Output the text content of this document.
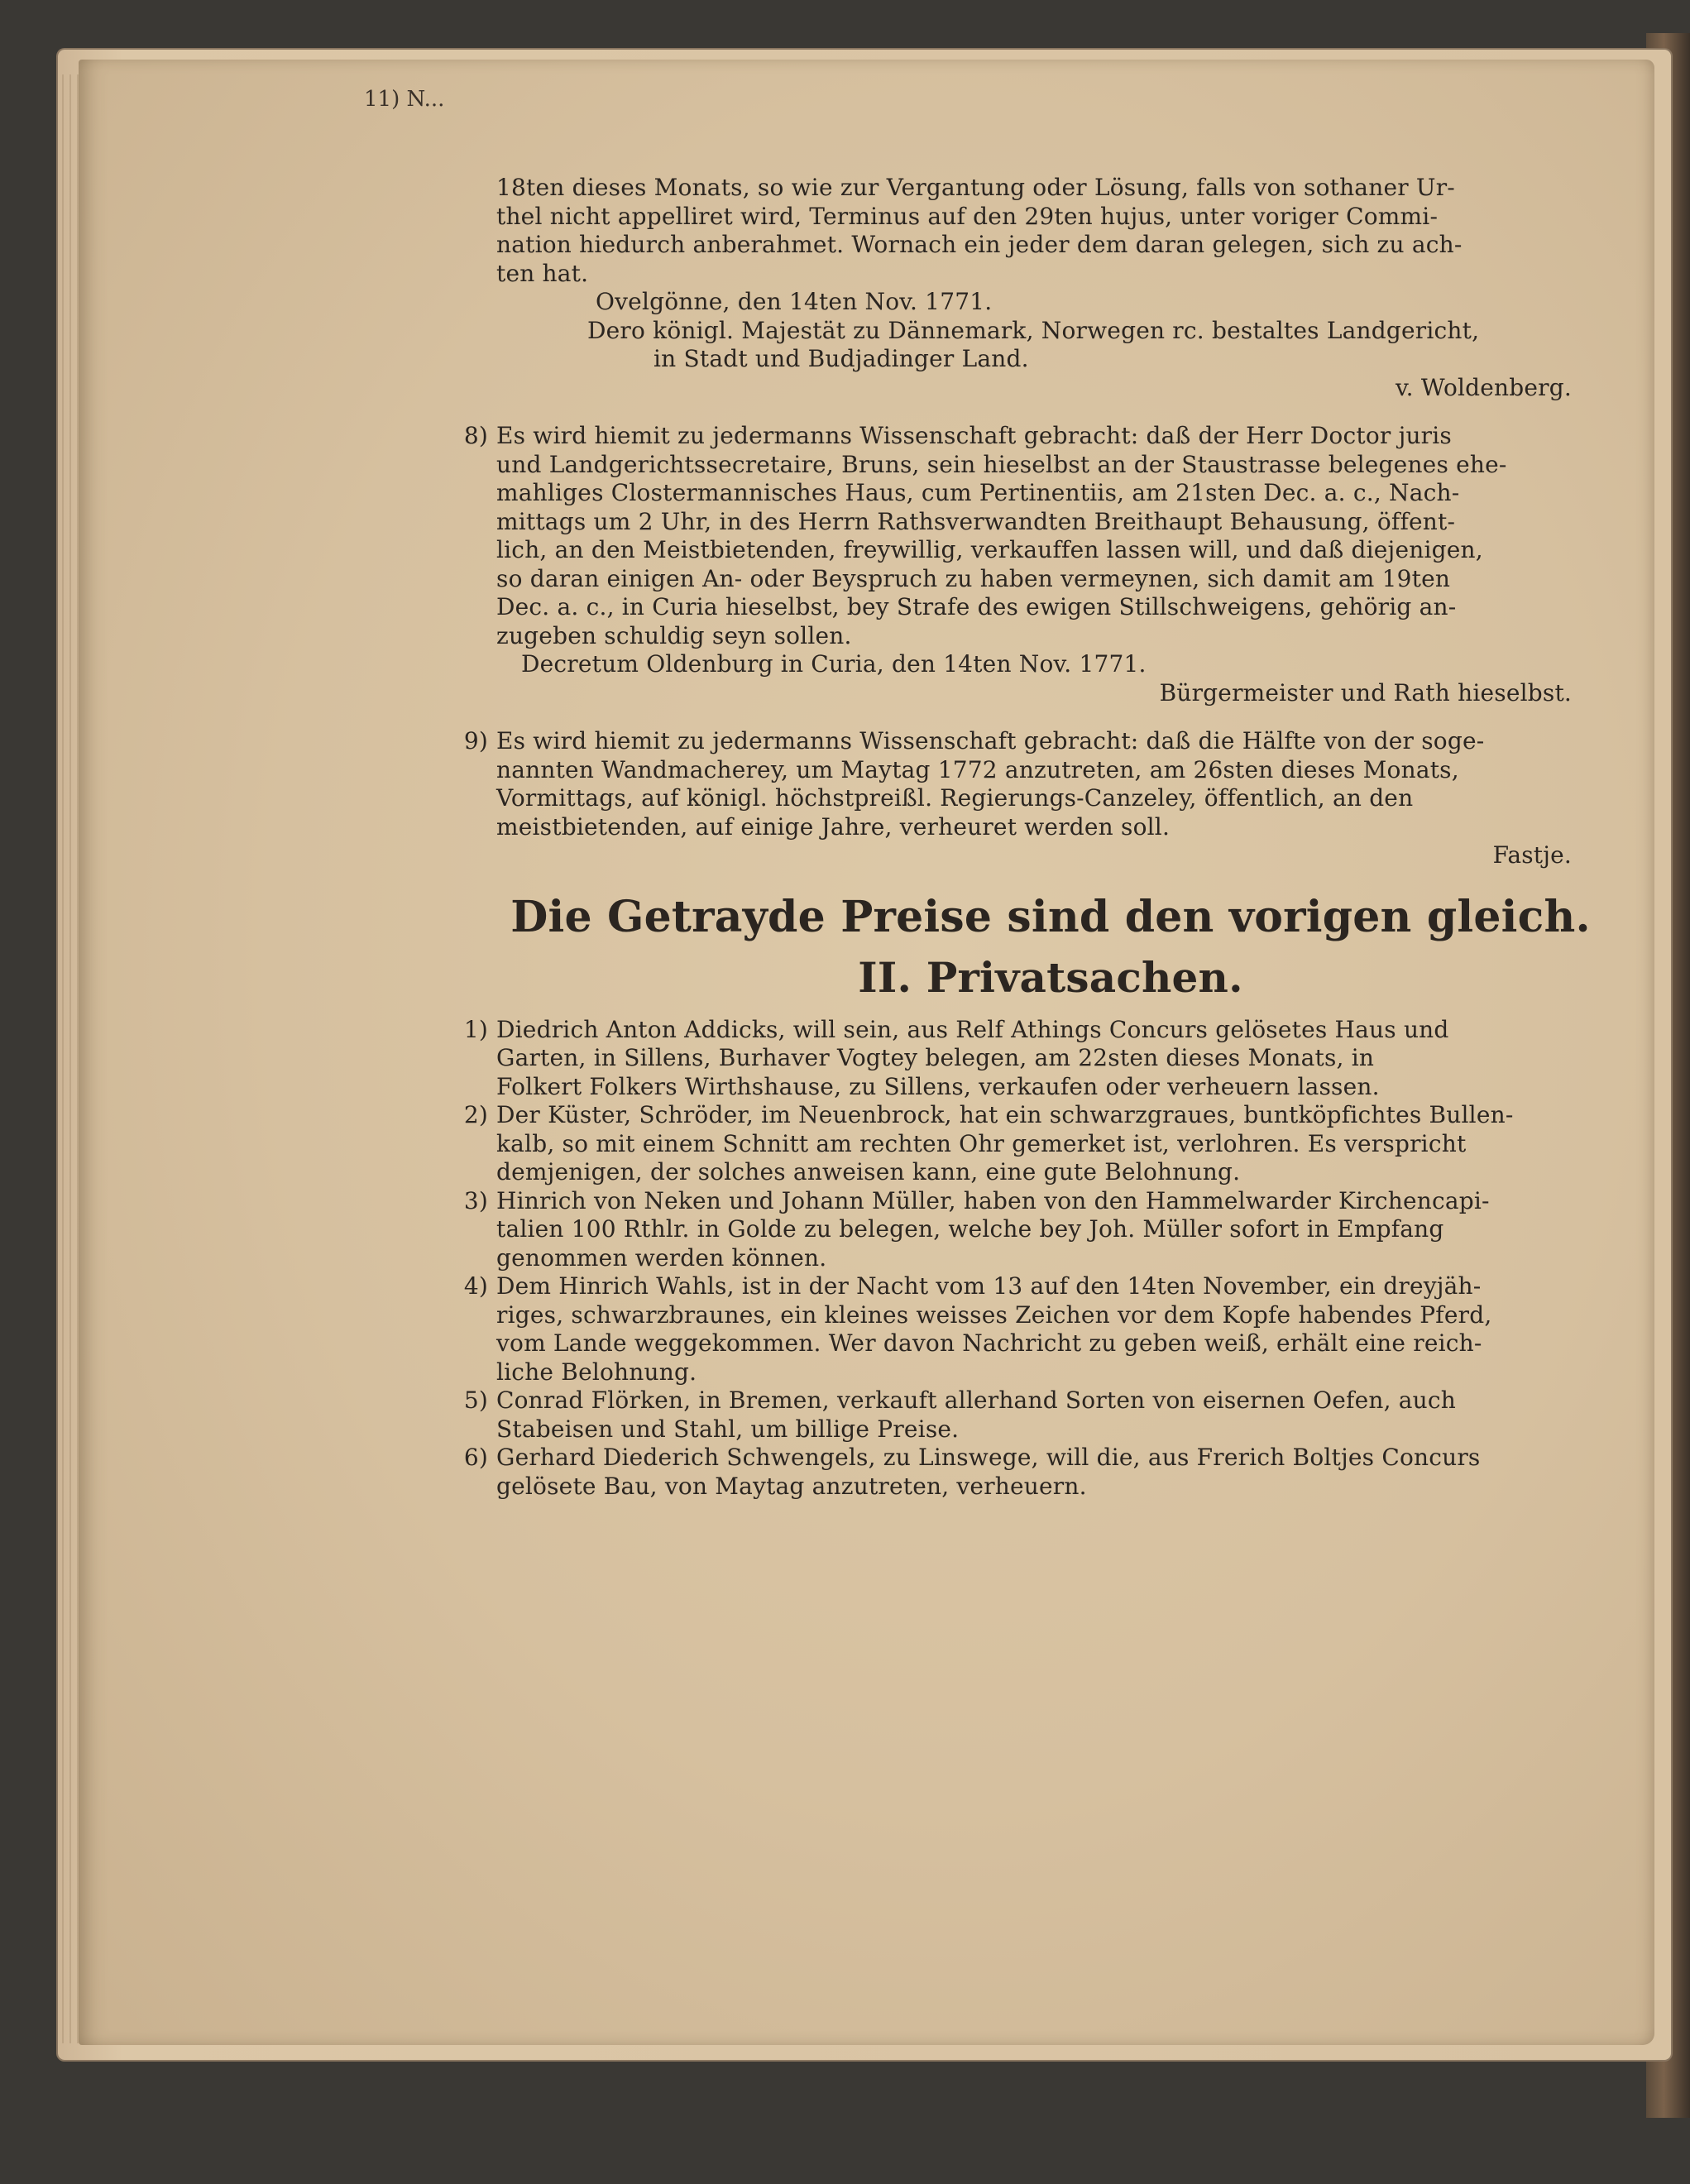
11) N...
18ten dieses Monats, so wie zur Vergantung oder Lösung, falls von sothaner Ur-
thel nicht appelliret wird, Terminus auf den 29ten hujus, unter voriger Commi-
nation hiedurch anberahmet. Wornach ein jeder dem daran gelegen, sich zu ach-
ten hat.
Ovelgönne, den 14ten Nov. 1771.
Dero königl. Majestät zu Dännemark, Norwegen rc. bestaltes Landgericht,
in Stadt und Budjadinger Land.
v. Woldenberg.
8) Es wird hiemit zu jedermanns Wissenschaft gebracht: daß der Herr Doctor juris
und Landgerichtssecretaire, Bruns, sein hieselbst an der Staustrasse belegenes ehe-
mahliges Clostermannisches Haus, cum Pertinentiis, am 21sten Dec. a. c., Nach-
mittags um 2 Uhr, in des Herrn Rathsverwandten Breithaupt Behausung, öffent-
lich, an den Meistbietenden, freywillig, verkauffen lassen will, und daß diejenigen,
so daran einigen An- oder Beyspruch zu haben vermeynen, sich damit am 19ten
Dec. a. c., in Curia hieselbst, bey Strafe des ewigen Stillschweigens, gehörig an-
zugeben schuldig seyn sollen.
Decretum Oldenburg in Curia, den 14ten Nov. 1771.
Bürgermeister und Rath hieselbst.
9) Es wird hiemit zu jedermanns Wissenschaft gebracht: daß die Hälfte von der soge-
nannten Wandmacherey, um Maytag 1772 anzutreten, am 26sten dieses Monats,
Vormittags, auf königl. höchstpreißl. Regierungs-Canzeley, öffentlich, an den
meistbietenden, auf einige Jahre, verheuret werden soll.
Fastje.
Die Getrayde Preise sind den vorigen gleich.
II. Privatsachen.
1) Diedrich Anton Addicks, will sein, aus Relf Athings Concurs gelösetes Haus und
Garten, in Sillens, Burhaver Vogtey belegen, am 22sten dieses Monats, in
Folkert Folkers Wirthshause, zu Sillens, verkaufen oder verheuern lassen.
2) Der Küster, Schröder, im Neuenbrock, hat ein schwarzgraues, buntköpfichtes Bullen-
kalb, so mit einem Schnitt am rechten Ohr gemerket ist, verlohren. Es verspricht
demjenigen, der solches anweisen kann, eine gute Belohnung.
3) Hinrich von Neken und Johann Müller, haben von den Hammelwarder Kirchencapi-
talien 100 Rthlr. in Golde zu belegen, welche bey Joh. Müller sofort in Empfang
genommen werden können.
4) Dem Hinrich Wahls, ist in der Nacht vom 13 auf den 14ten November, ein dreyjäh-
riges, schwarzbraunes, ein kleines weisses Zeichen vor dem Kopfe habendes Pferd,
vom Lande weggekommen. Wer davon Nachricht zu geben weiß, erhält eine reich-
liche Belohnung.
5) Conrad Flörken, in Bremen, verkauft allerhand Sorten von eisernen Oefen, auch
Stabeisen und Stahl, um billige Preise.
6) Gerhard Diederich Schwengels, zu Linswege, will die, aus Frerich Boltjes Concurs
gelösete Bau, von Maytag anzutreten, verheuern.
